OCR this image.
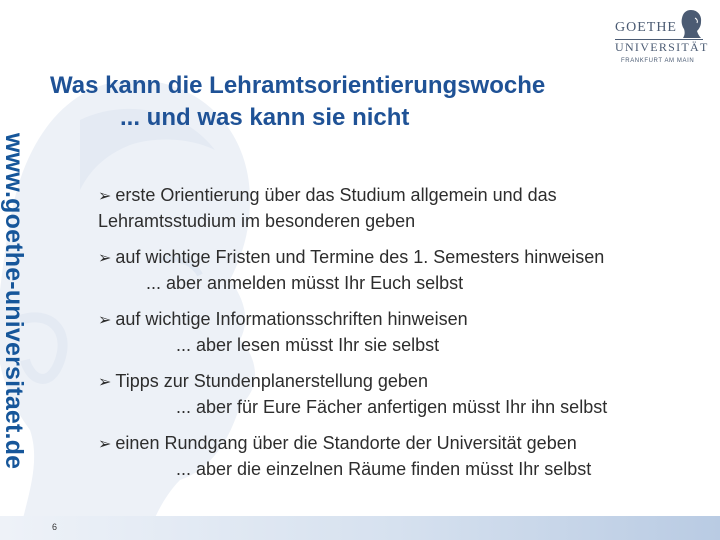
www.goethe-universitaet.de
GOETHE
UNIVERSITÄT
FRANKFURT AM MAIN
Was kann die Lehramtsorientierungswoche
... und was kann sie nicht
➢ erste Orientierung über das Studium allgemein und das
Lehramtsstudium im besonderen geben
➢ auf wichtige Fristen und Termine des 1. Semesters hinweisen
... aber anmelden müsst Ihr Euch selbst
➢ auf wichtige Informationsschriften hinweisen
... aber lesen müsst Ihr sie selbst
➢ Tipps zur Stundenplanerstellung geben
... aber für Eure Fächer anfertigen müsst Ihr ihn selbst
➢ einen Rundgang über die Standorte der Universität geben
... aber die einzelnen Räume finden müsst Ihr selbst
6
